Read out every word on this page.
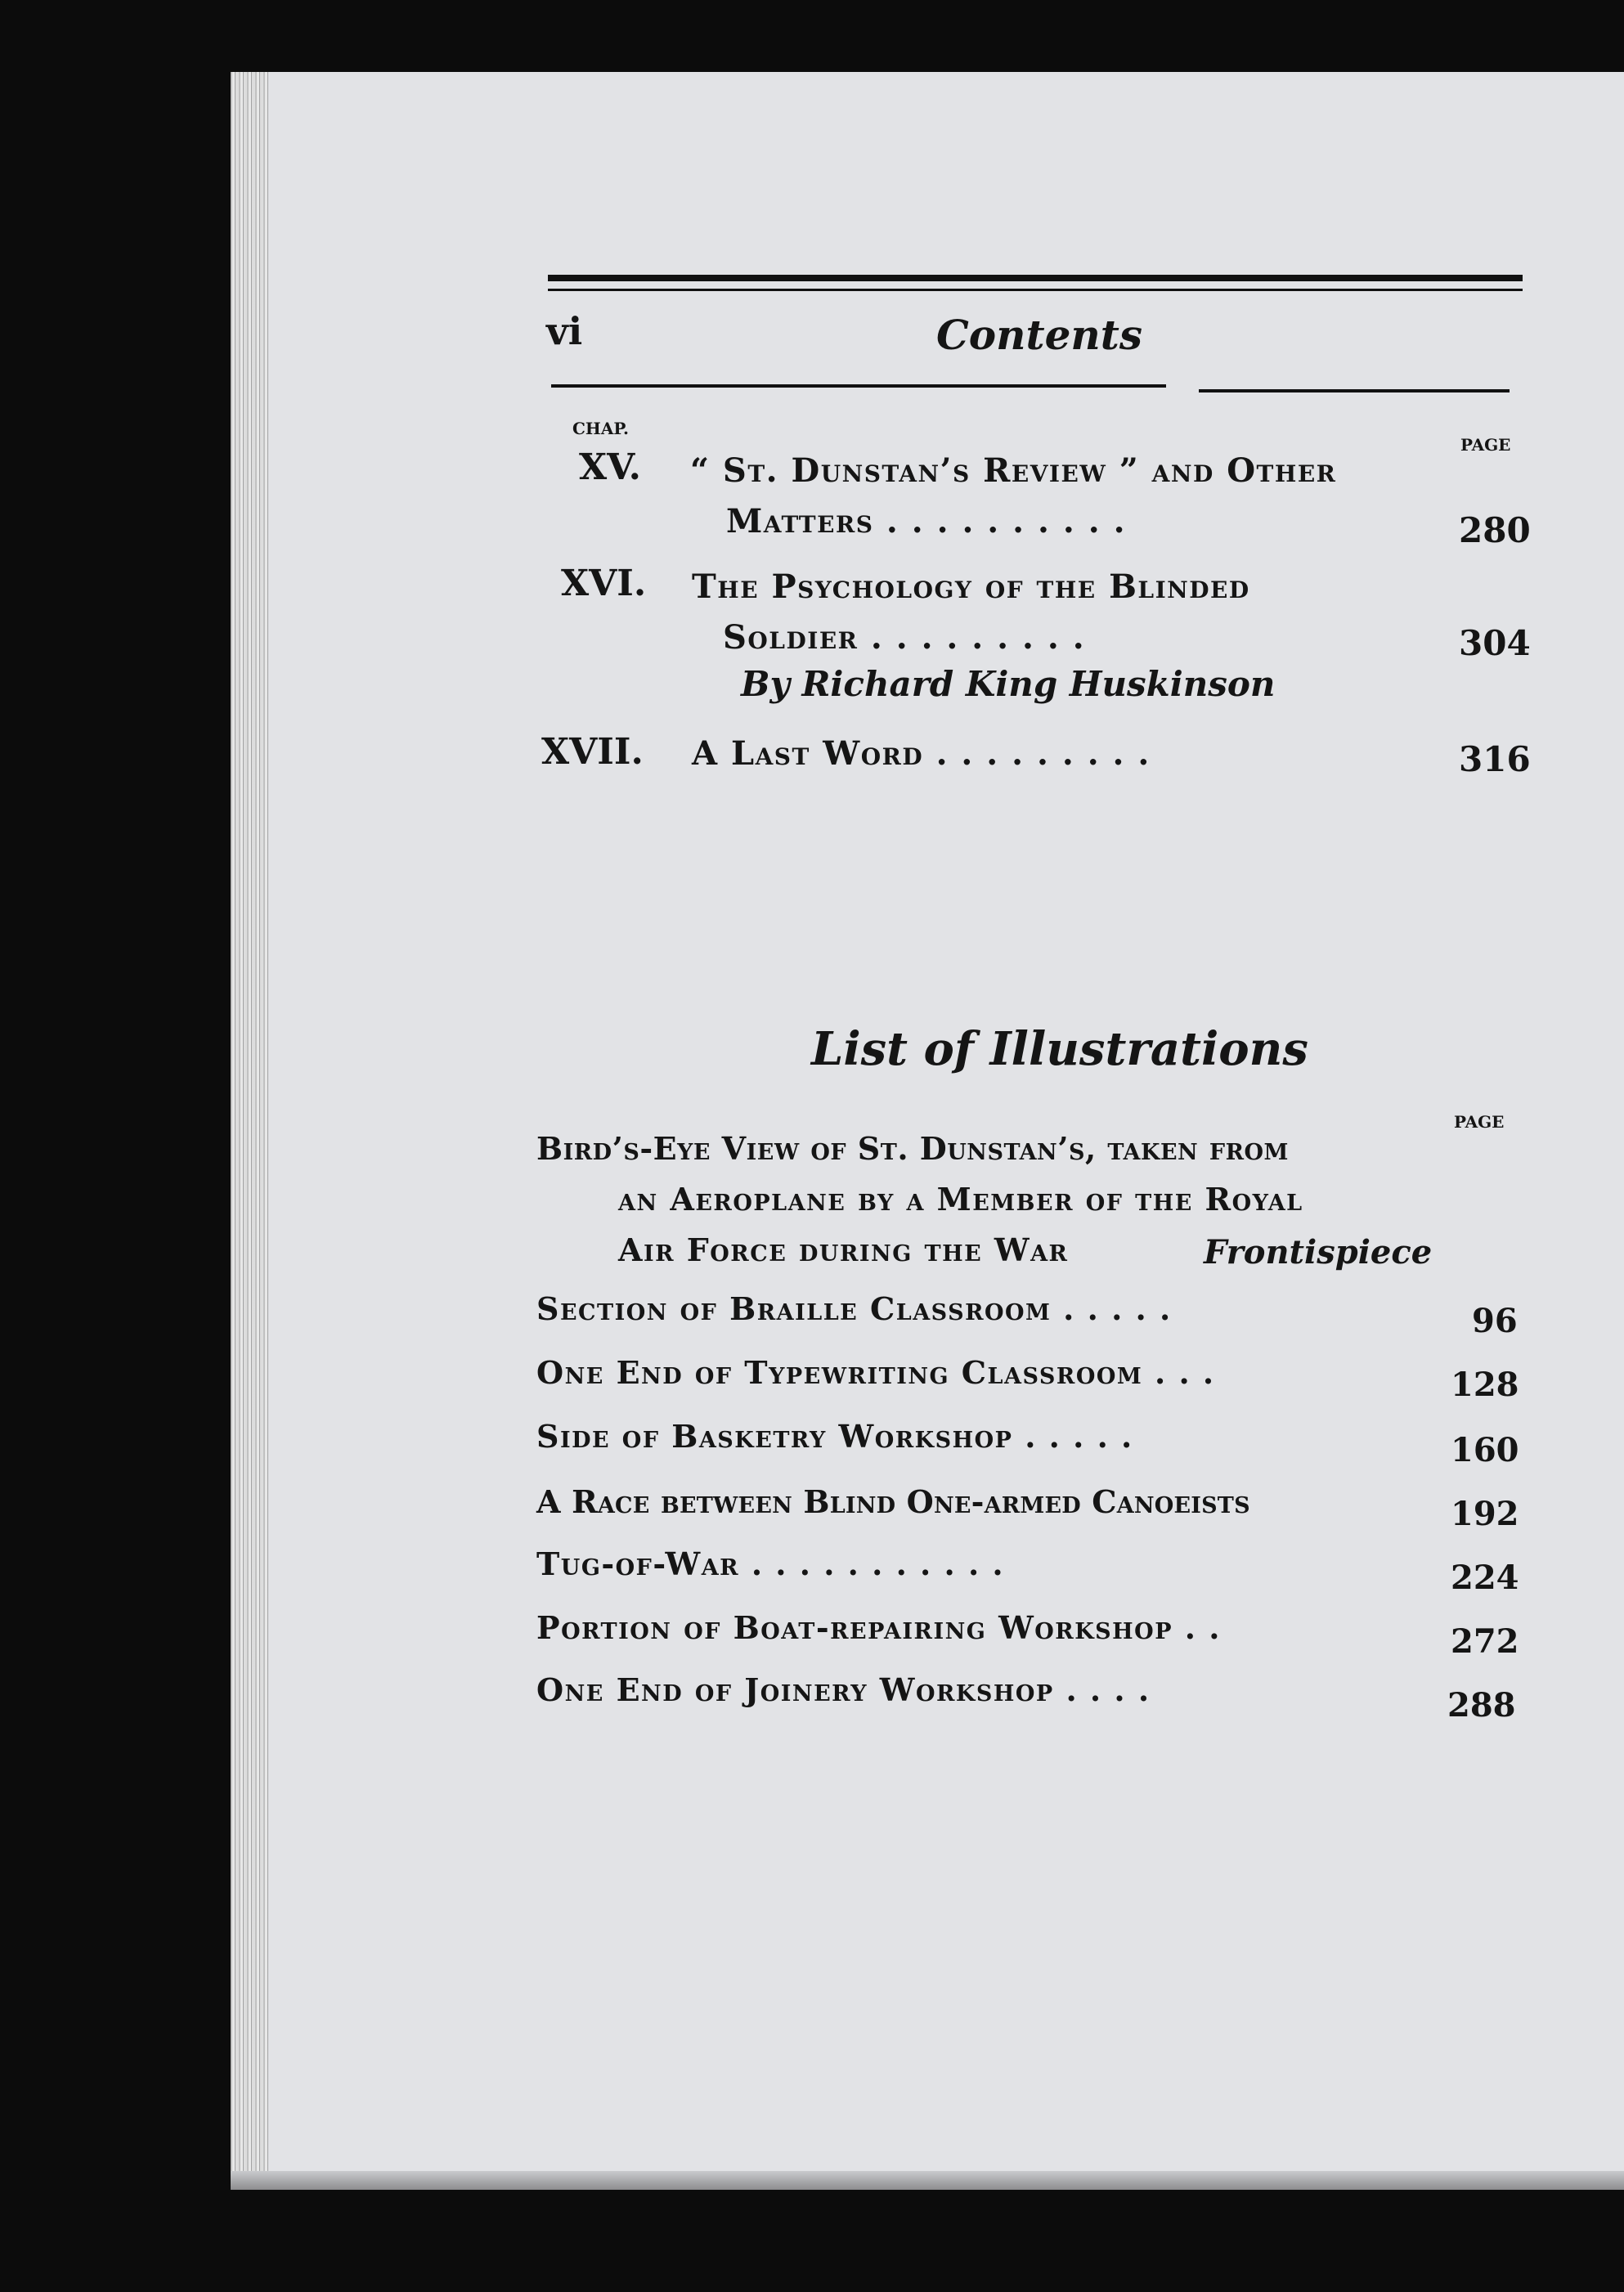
vi	Contents
CHAP.
PAGE
XV. “ St. Dunstan’s Review ” and Other
Matters . . . . . . . . . .	280
XVI. The Psychology of the Blinded
Soldier . . . . . . . . .	304
By Richard King Huskinson
XVII. A Last Word . . . . . . . . .	316
List of Illustrations
PAGE
Bird’s-Eye View of St. Dunstan’s, taken from
an Aeroplane by a Member of the Royal
Air Force during the War	Frontispiece
Section of Braille Classroom . . . . .	96
One End of Typewriting Classroom . . .	128
Side of Basketry Workshop . . . . .	160
A Race between Blind One-armed Canoeists	192
Tug-of-War . . . . . . . . . . .	224
Portion of Boat-repairing Workshop . .	272
One End of Joinery Workshop . . . .	288
